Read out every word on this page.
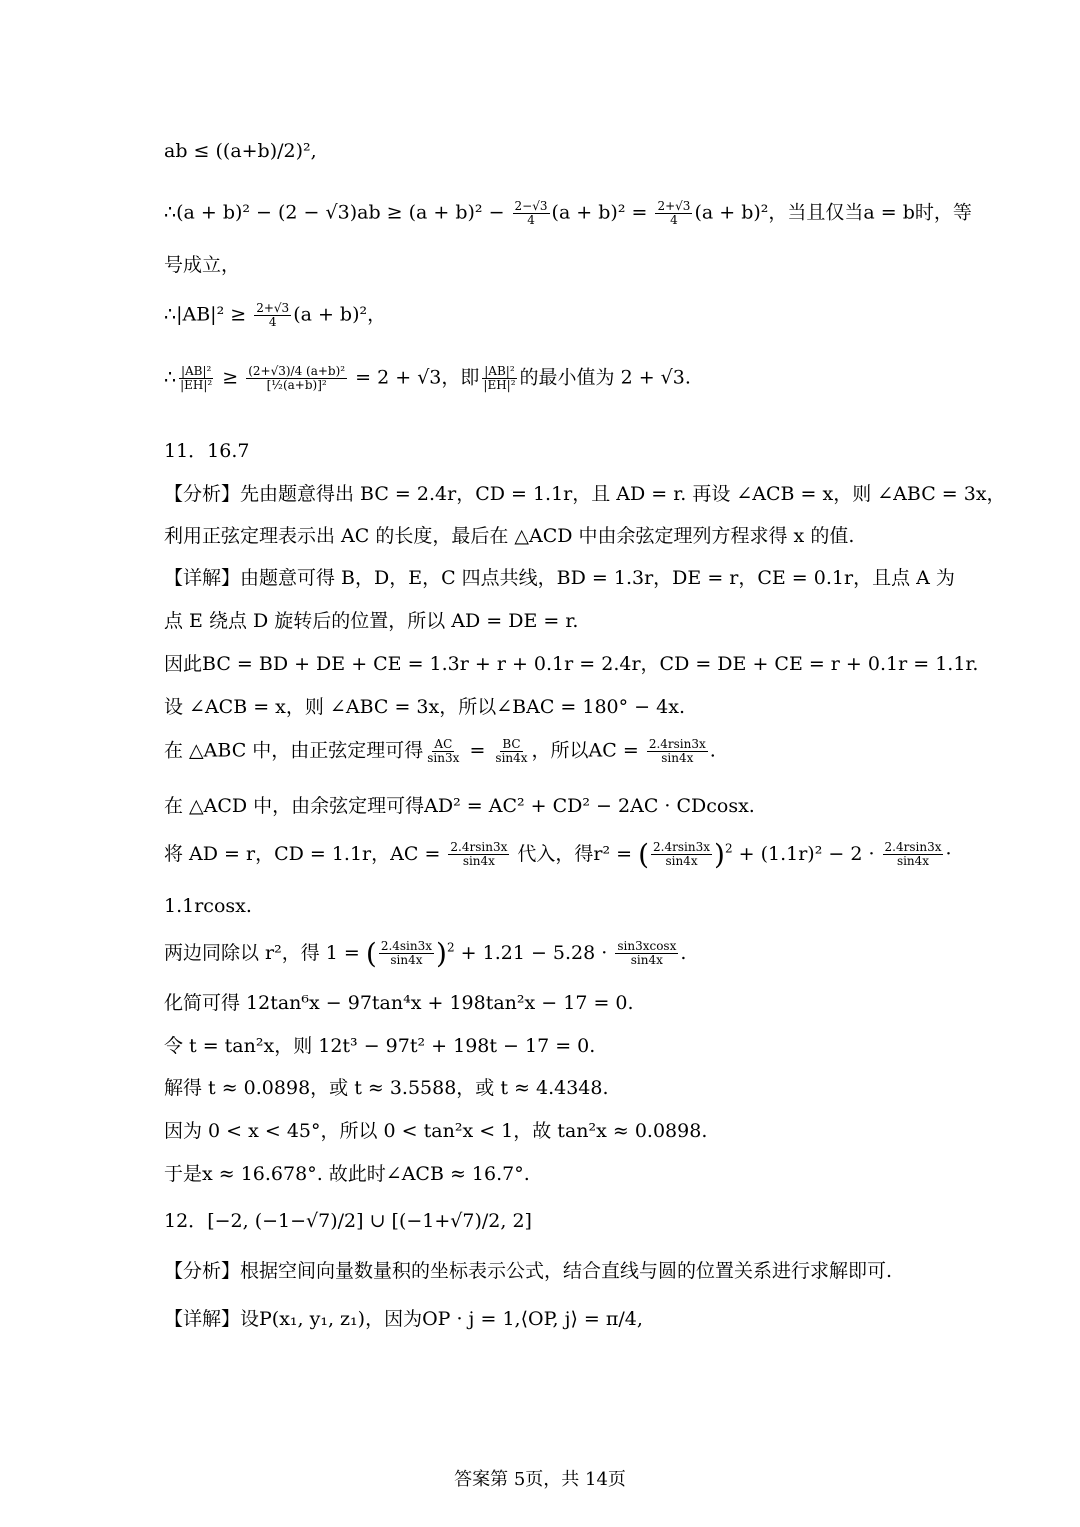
ab ≤ ((a+b)/2)²,
∴(a + $b)^2 - (2 - √3)ab \ge (a + b)^2 - \frac{2-√3}{4} (a + b)^2 = \frac{2+√3}{4} (a + b)^2$，当且仅当a = b时，等
号成立，
∴|AB|² ≥ $\frac{2+√3}{4} (a + b)^2$，
∴ $\frac{\text{|AB|²}}{\text{|EH|²}} \ge \frac{\text{(2+√3)/4 (a+b)²}}{\text{[½(a+b)]²}} = 2 + √3$，即 $\frac{\text{|AB|²}}{\text{|EH|²}}$ 的最小值为 2 + √3.
11．16.7
【分析】先由题意得出 BC = 2.4r，CD = 1.1r，且 AD = r. 再设 ∠ACB = x，则 ∠ABC = 3x，
利用正弦定理表示出 AC 的长度，最后在 △ACD 中由余弦定理列方程求得 x 的值.
【详解】由题意可得 B，D，E，C 四点共线，BD = 1.3r，DE = r，CE = 0.1r，且点 A 为
点 E 绕点 D 旋转后的位置，所以 AD = DE = r.
因此BC = BD + DE + CE = 1.3r + r + 0.1r = 2.4r，CD = DE + CE = r + 0.1r = 1.1r.
设 ∠ACB = x，则 ∠ABC = 3x，所以∠BAC = 180° − 4x.
在 △ABC 中，由正弦定理可得 $\frac{AC}{\sin 3x} = \frac{BC}{\sin 4x}$ ，所以AC = $\frac{2.4rsin3x}{\sin 4x}$ .
在 △ACD 中，由余弦定理可得AD² = AC² + CD² − 2AC · CDcosx.
将 AD = r，CD = 1.1r，AC = $\frac{2.4rsin3x}{\sin 4x}$ 代入，得r² = ( $\frac{2.4rsin3x}{\sin 4x} )^2 + (1.1r)^2 - 2 \cdot \frac{2.4rsin3x}{\sin 4x}$ ·
1.1rcosx.
两边同除以 r²，得 1 = ( $\frac{2.4\sin 3x}{\sin 4x} )^2 + 1.21 - 5.28 \cdot \frac{\sin 3xcosx}{\sin 4x}$ .
化简可得 12tan⁶x − 97tan⁴x + 198tan²x − 17 = 0.
令 t = tan²x，则 12t³ − 97t² + 198t − 17 = 0.
解得 t ≈ 0.0898，或 t ≈ 3.5588，或 t ≈ 4.4348.
因为 0 < x < 45°，所以 0 < tan²x < 1，故 tan²x ≈ 0.0898.
于是x ≈ 16.678°. 故此时∠ACB ≈ 16.7°.
12．[−2, (−1−√7)/2] ∪ [(−1+√7)/2, 2]
【分析】根据空间向量数量积的坐标表示公式，结合直线与圆的位置关系进行求解即可.
【详解】设P(x₁, y₁, z₁)，因为OP · j = 1,⟨OP, j⟩ = π/4,
答案第 5页，共 14页
